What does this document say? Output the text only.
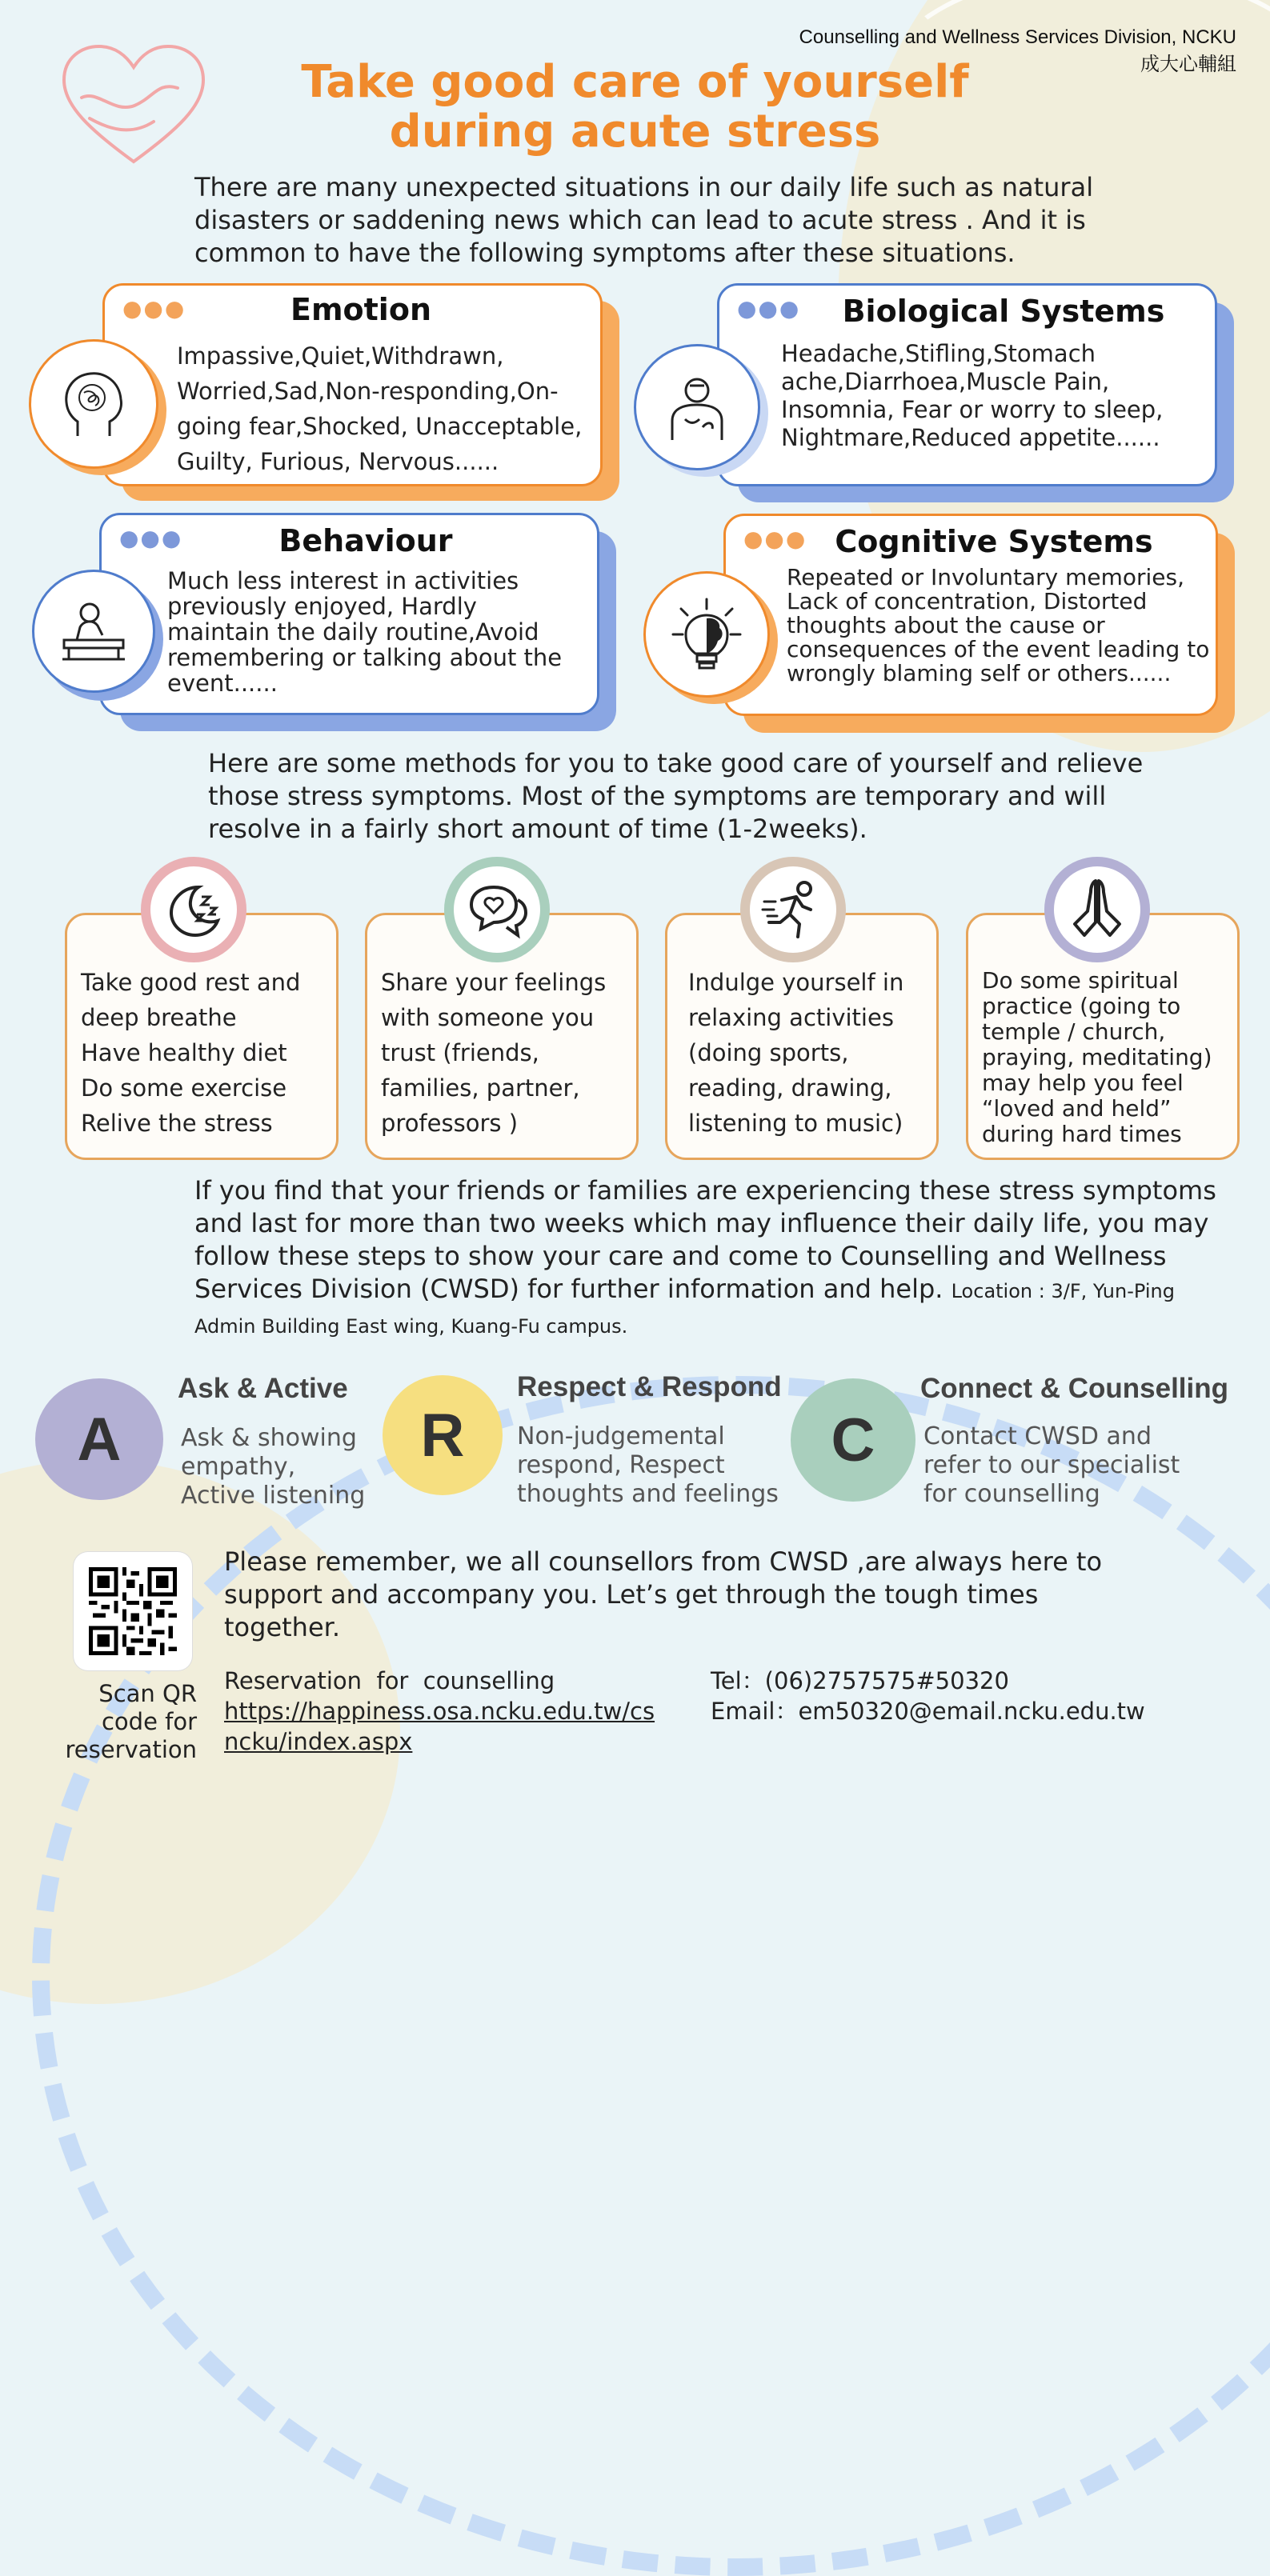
Counselling and Wellness Services Division, NCKU
成大心輔組
Take good care of yourself
during acute stress
There are many unexpected situations in our daily life such as natural disasters or saddening news which can lead to acute stress . And it is common to have the following symptoms after these situations.
●●●	Emotion
Impassive,Quiet,Withdrawn, Worried,Sad,Non-responding,On-going fear,Shocked, Unacceptable, Guilty, Furious, Nervous......
●●●	Biological Systems
Headache,Stifling,Stomach ache,Diarrhoea,Muscle Pain, Insomnia, Fear or worry to sleep, Nightmare,Reduced appetite......
●●●	Behaviour
Much less interest in activities previously enjoyed, Hardly maintain the daily routine,Avoid remembering or talking about the event......
●●● Cognitive Systems
Repeated or Involuntary memories, Lack of concentration, Distorted thoughts about the cause or consequences of the event leading to wrongly blaming self or others......
Here are some methods for you to take good care of yourself and relieve those stress symptoms. Most of the symptoms are temporary and will resolve in a fairly short amount of time (1-2weeks).
Take good rest and
deep breathe
Have healthy diet
Do some exercise
Relive the stress
Share your feelings
with someone you
trust (friends,
families, partner,
professors )
Indulge yourself in
relaxing activities
(doing sports,
reading, drawing,
listening to music)
Do some spiritual
practice (going to
temple / church,
praying, meditating)
may help you feel
“loved and held”
during hard times
If you find that your friends or families are experiencing these stress symptoms and last for more than two weeks which may influence their daily life, you may follow these steps to show your care and come to Counselling and Wellness Services Division (CWSD) for further information and help. Location : 3/F, Yun-Ping Admin Building East wing, Kuang-Fu campus.
A
Ask & Active
Ask & showing
empathy,
Active listening
R
Respect & Respond
Non-judgemental
respond, Respect
thoughts and feelings
C
Connect & Counselling
Contact CWSD and
refer to our specialist
for counselling
Scan QR
code for
reservation
Please remember, we all counsellors from CWSD ,are always here to support and accompany you. Let’s get through the tough times together.
Reservation  for  counselling
https://happiness.osa.ncku.edu.tw/cs
ncku/index.aspx
Tel：(06)2757575#50320
Email：em50320@email.ncku.edu.tw
